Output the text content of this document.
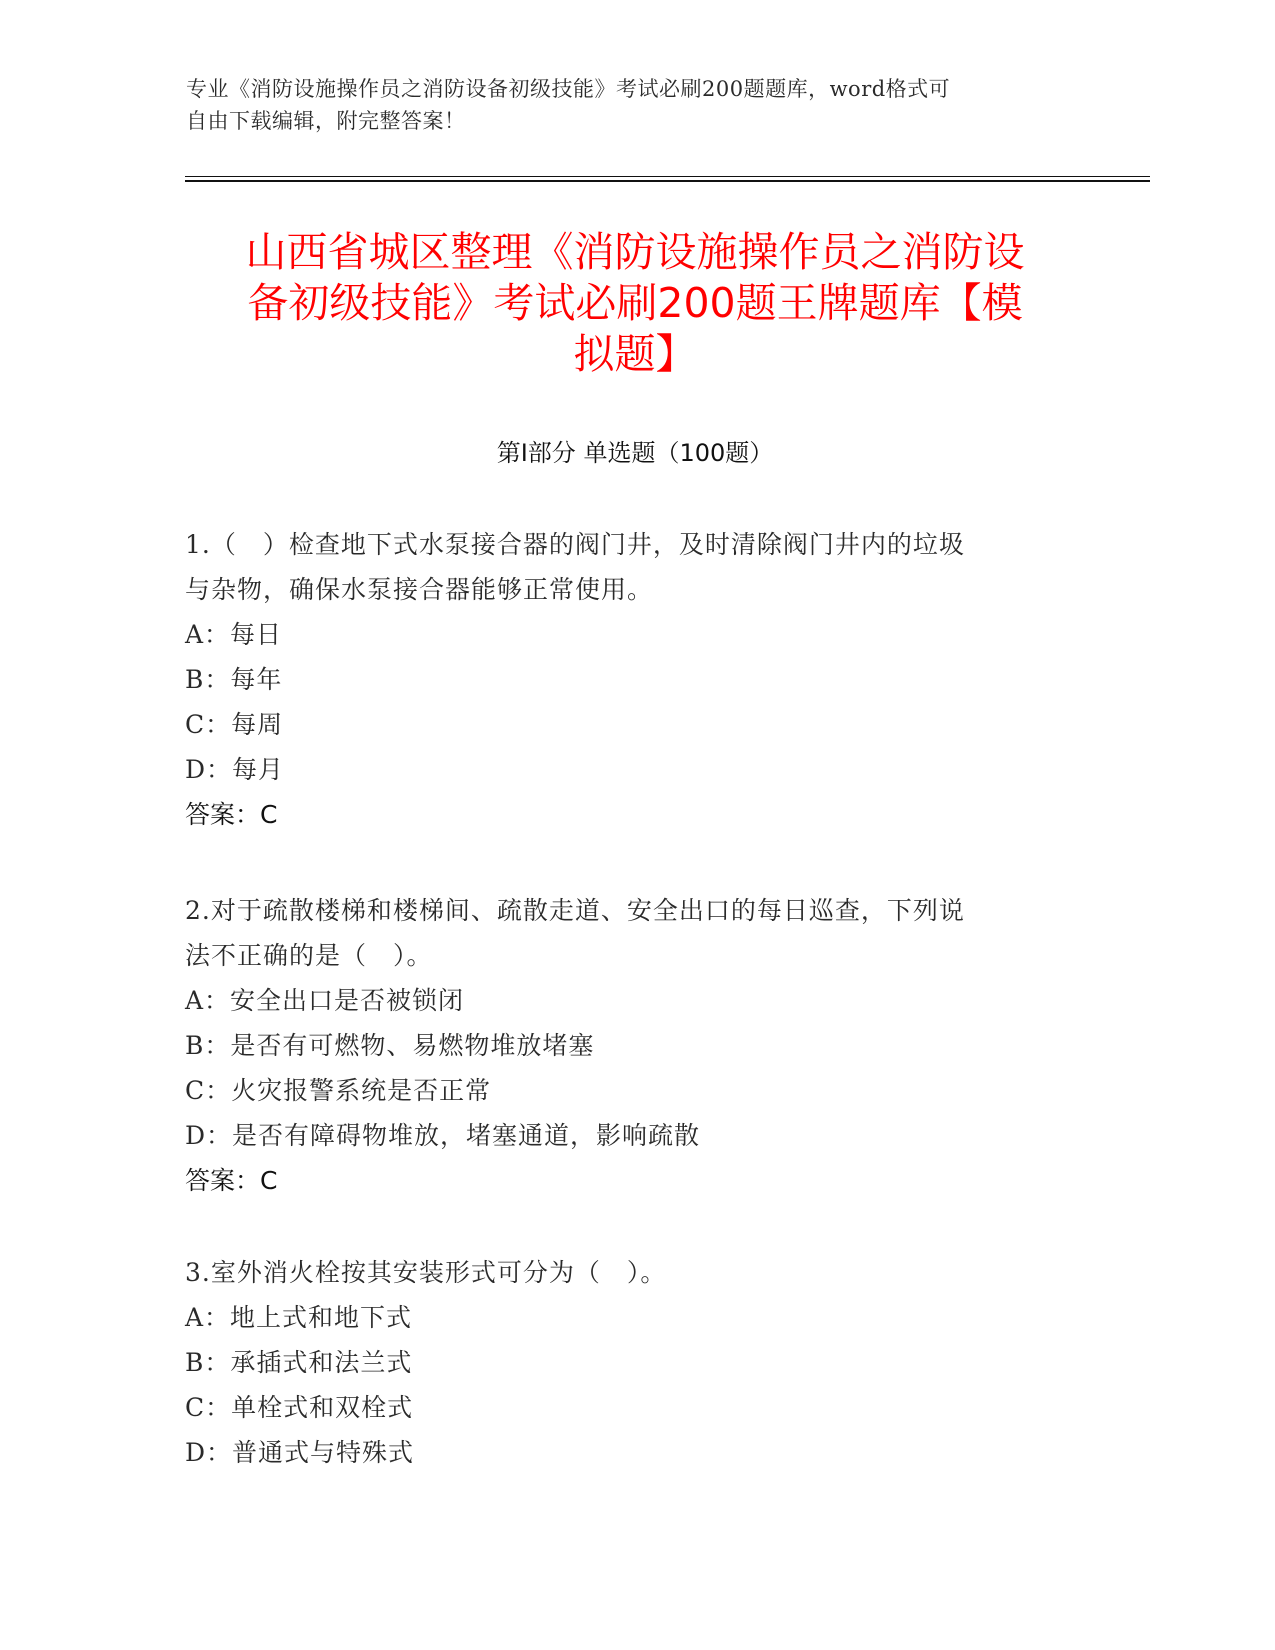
专业《消防设施操作员之消防设备初级技能》考试必刷200题题库，word格式可
自由下载编辑，附完整答案！
山西省城区整理《消防设施操作员之消防设
备初级技能》考试必刷200题王牌题库【模
拟题】
第I部分 单选题（100题）

1.（　）检查地下式水泵接合器的阀门井，及时清除阀门井内的垃圾

与杂物，确保水泵接合器能够正常使用。

A：每日

B：每年

C：每周

D：每月

答案：C

2.对于疏散楼梯和楼梯间、疏散走道、安全出口的每日巡查，下列说

法不正确的是（　）。

A：安全出口是否被锁闭

B：是否有可燃物、易燃物堆放堵塞

C：火灾报警系统是否正常

D：是否有障碍物堆放，堵塞通道，影响疏散

答案：C

3.室外消火栓按其安装形式可分为（　）。

A：地上式和地下式

B：承插式和法兰式

C：单栓式和双栓式

D：普通式与特殊式
